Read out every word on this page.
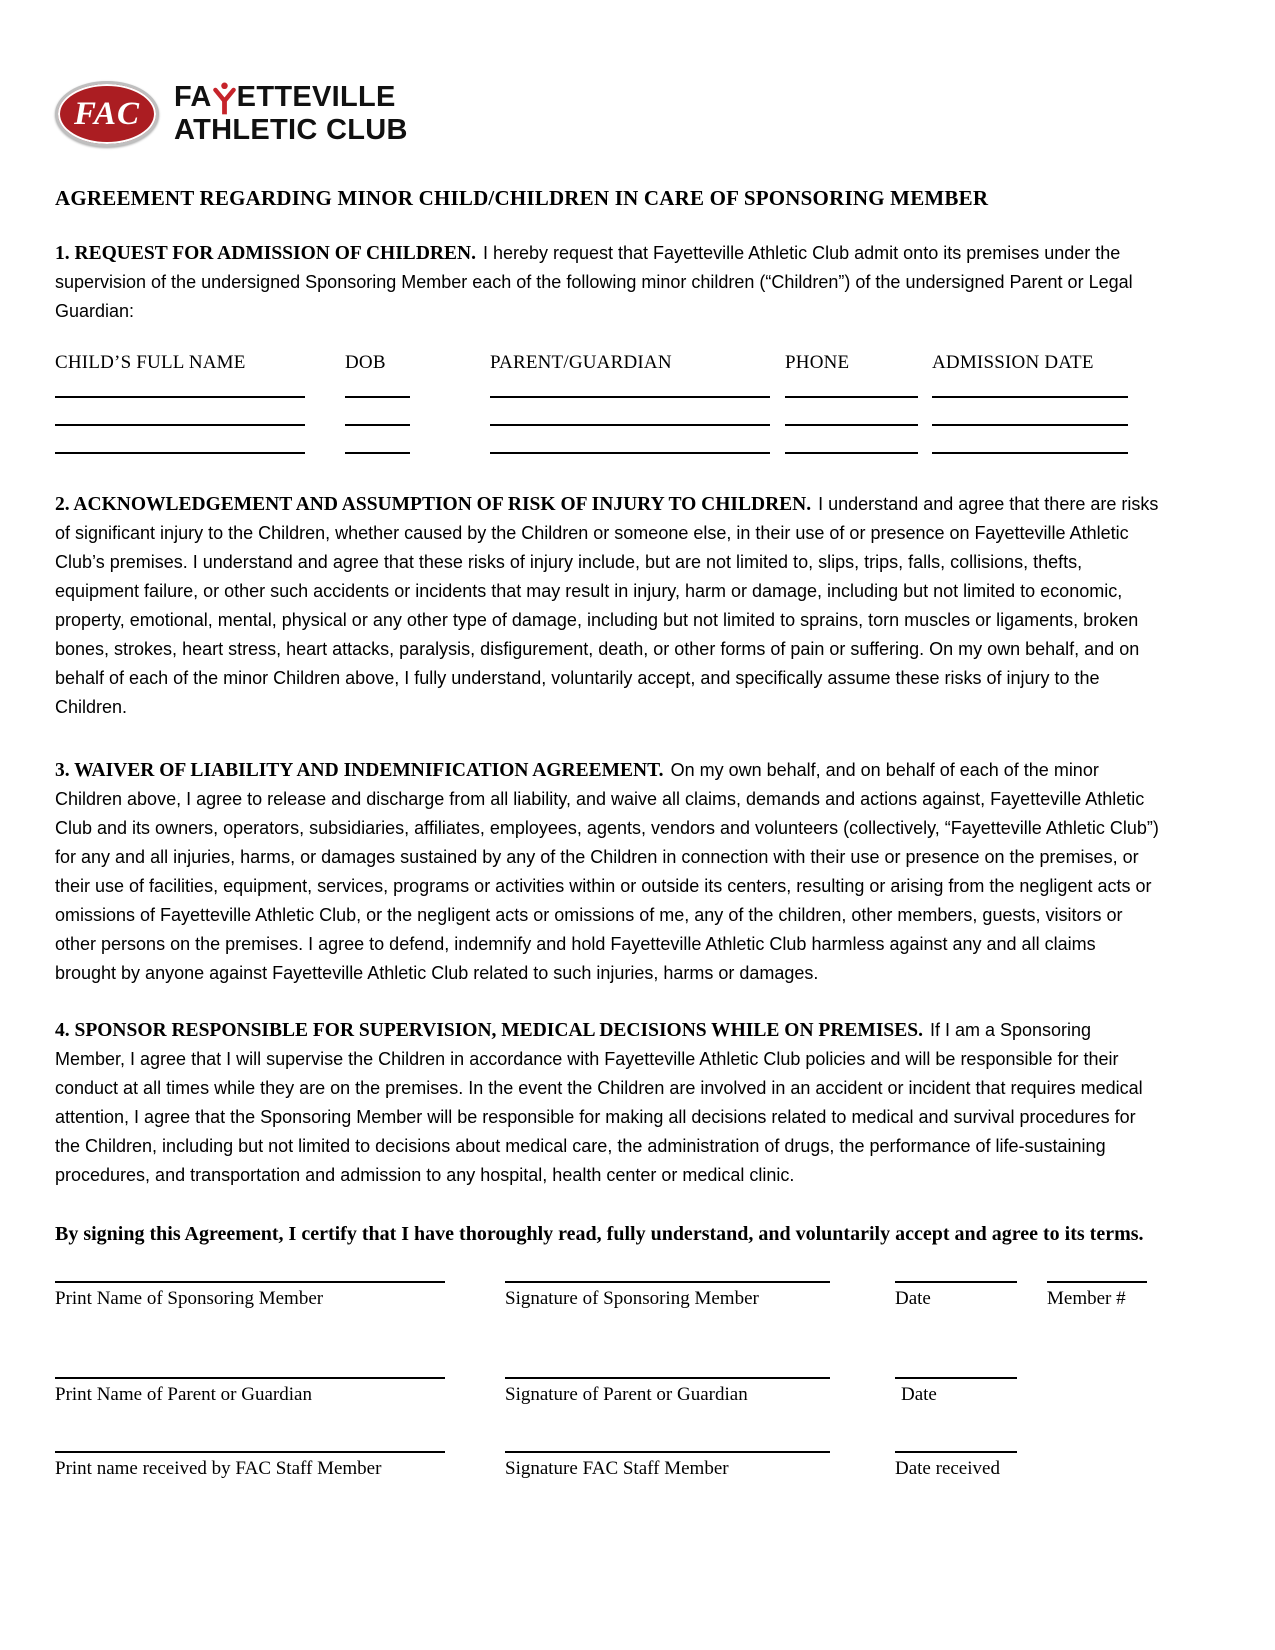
FAC FA ETTEVILLE
ATHLETIC CLUB
AGREEMENT REGARDING MINOR CHILD/CHILDREN IN CARE OF SPONSORING MEMBER

1. REQUEST FOR ADMISSION OF CHILDREN. I hereby request that Fayetteville Athletic Club admit onto its premises under the supervision of the undersigned Sponsoring Member each of the following minor children (“Children”) of the undersigned Parent or Legal Guardian:

CHILD’S FULL NAME	DOB	PARENT/GUARDIAN	PHONE	ADMISSION DATE

2. ACKNOWLEDGEMENT AND ASSUMPTION OF RISK OF INJURY TO CHILDREN. I understand and agree that there are risks of significant injury to the Children, whether caused by the Children or someone else, in their use of or presence on Fayetteville Athletic Club’s premises. I understand and agree that these risks of injury include, but are not limited to, slips, trips, falls, collisions, thefts, equipment failure, or other such accidents or incidents that may result in injury, harm or damage, including but not limited to economic, property, emotional, mental, physical or any other type of damage, including but not limited to sprains, torn muscles or ligaments, broken bones, strokes, heart stress, heart attacks, paralysis, disfigurement, death, or other forms of pain or suffering. On my own behalf, and on behalf of each of the minor Children above, I fully understand, voluntarily accept, and specifically assume these risks of injury to the Children.

3. WAIVER OF LIABILITY AND INDEMNIFICATION AGREEMENT. On my own behalf, and on behalf of each of the minor Children above, I agree to release and discharge from all liability, and waive all claims, demands and actions against, Fayetteville Athletic Club and its owners, operators, subsidiaries, affiliates, employees, agents, vendors and volunteers (collectively, “Fayetteville Athletic Club”) for any and all injuries, harms, or damages sustained by any of the Children in connection with their use or presence on the premises, or their use of facilities, equipment, services, programs or activities within or outside its centers, resulting or arising from the negligent acts or omissions of Fayetteville Athletic Club, or the negligent acts or omissions of me, any of the children, other members, guests, visitors or other persons on the premises. I agree to defend, indemnify and hold Fayetteville Athletic Club harmless against any and all claims brought by anyone against Fayetteville Athletic Club related to such injuries, harms or damages.

4. SPONSOR RESPONSIBLE FOR SUPERVISION, MEDICAL DECISIONS WHILE ON PREMISES. If I am a Sponsoring Member, I agree that I will supervise the Children in accordance with Fayetteville Athletic Club policies and will be responsible for their conduct at all times while they are on the premises. In the event the Children are involved in an accident or incident that requires medical attention, I agree that the Sponsoring Member will be responsible for making all decisions related to medical and survival procedures for the Children, including but not limited to decisions about medical care, the administration of drugs, the performance of life-sustaining procedures, and transportation and admission to any hospital, health center or medical clinic.

By signing this Agreement, I certify that I have thoroughly read, fully understand, and voluntarily accept and agree to its terms.
Print Name of Sponsoring Member	Signature of Sponsoring Member	Date	Member #
Print Name of Parent or Guardian	Signature of Parent or Guardian	Date
Print name received by FAC Staff Member	Signature FAC Staff Member	Date received
